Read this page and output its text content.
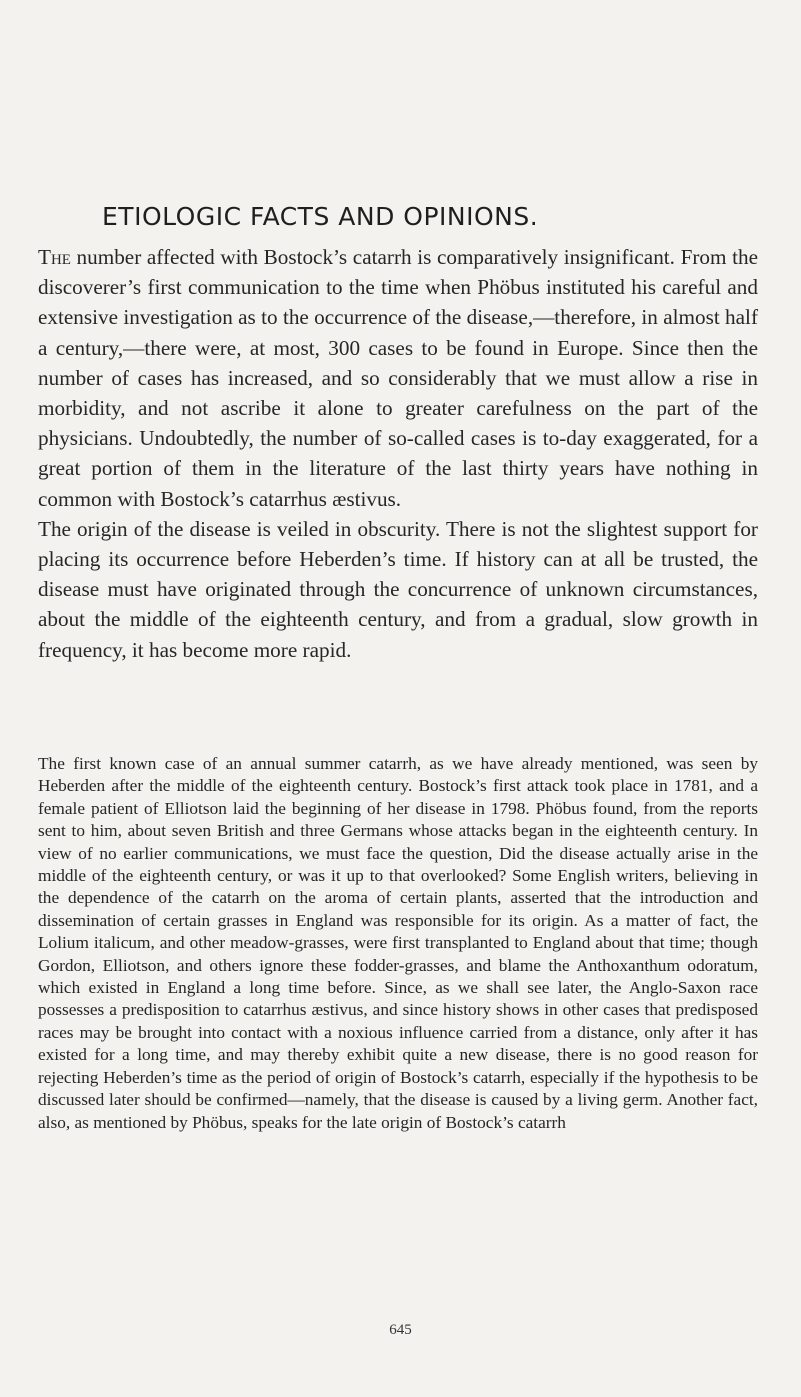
ETIOLOGIC FACTS AND OPINIONS.

The number affected with Bostock’s catarrh is comparatively insignificant. From the discoverer’s first communication to the time when Phöbus instituted his careful and extensive investigation as to the occurrence of the disease,—therefore, in almost half a century,—there were, at most, 300 cases to be found in Europe. Since then the number of cases has increased, and so considerably that we must allow a rise in morbidity, and not ascribe it alone to greater carefulness on the part of the physicians. Undoubtedly, the number of so-called cases is to-day exaggerated, for a great portion of them in the literature of the last thirty years have nothing in common with Bostock’s catarrhus æstivus.

The origin of the disease is veiled in obscurity. There is not the slightest support for placing its occurrence before Heberden’s time. If history can at all be trusted, the disease must have originated through the concurrence of unknown circumstances, about the middle of the eighteenth century, and from a gradual, slow growth in frequency, it has become more rapid.

The first known case of an annual summer catarrh, as we have already mentioned, was seen by Heberden after the middle of the eighteenth century. Bostock’s first attack took place in 1781, and a female patient of Elliotson laid the beginning of her disease in 1798. Phöbus found, from the reports sent to him, about seven British and three Germans whose attacks began in the eighteenth century. In view of no earlier communications, we must face the question, Did the disease actually arise in the middle of the eighteenth century, or was it up to that overlooked? Some English writers, believing in the dependence of the catarrh on the aroma of certain plants, asserted that the introduction and dissemination of certain grasses in England was responsible for its origin. As a matter of fact, the Lolium italicum, and other meadow-grasses, were first transplanted to England about that time; though Gordon, Elliotson, and others ignore these fodder-grasses, and blame the Anthoxanthum odoratum, which existed in England a long time before. Since, as we shall see later, the Anglo-Saxon race possesses a predisposition to catarrhus æstivus, and since history shows in other cases that predisposed races may be brought into contact with a noxious influence carried from a distance, only after it has existed for a long time, and may thereby exhibit quite a new disease, there is no good reason for rejecting Heberden’s time as the period of origin of Bostock’s catarrh, especially if the hypothesis to be discussed later should be confirmed—namely, that the disease is caused by a living germ. Another fact, also, as mentioned by Phöbus, speaks for the late origin of Bostock’s catarrh

645
